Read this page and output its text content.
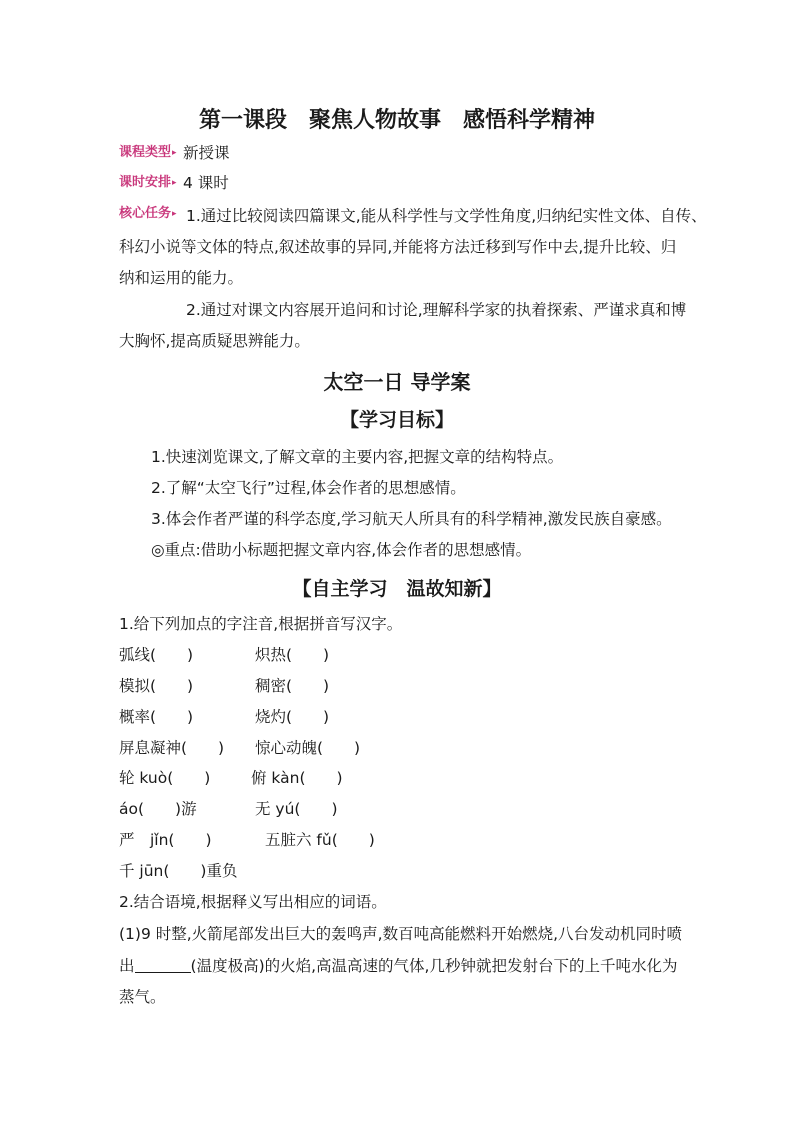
第一课段　聚焦人物故事　感悟科学精神
课程类型 ▸ 新授课
课时安排 ▸ 4 课时
核心任务 ▸ 1.通过比较阅读四篇课文,能从科学性与文学性角度,归纳纪实性文体、自传、
科幻小说等文体的特点,叙述故事的异同,并能将方法迁移到写作中去,提升比较、归
纳和运用的能力。
2.通过对课文内容展开追问和讨论,理解科学家的执着探索、严谨求真和博
大胸怀,提高质疑思辨能力。
太空一日 导学案
【学习目标】
1.快速浏览课文,了解文章的主要内容,把握文章的结构特点。
2.了解“太空飞行”过程,体会作者的思想感情。
3.体会作者严谨的科学态度,学习航天人所具有的科学精神,激发民族自豪感。
◎重点:借助小标题把握文章内容,体会作者的思想感情。
【自主学习　温故知新】
1.给下列加点的字注音,根据拼音写汉字。
弧线(　　)	炽热(　　)
模拟(　　)	稠密(　　)
概率(　　)	烧灼(　　)
屏息凝神(　　) 惊心动魄(　　)
轮 kuò(　　)	俯 kàn(　　)
áo(　　)游	无 yú(　　)
严　jǐn(　　)	五脏六 fǔ(　　)
千 jūn(　　)重负
2.结合语境,根据释义写出相应的词语。
(1)9 时整,火箭尾部发出巨大的轰鸣声,数百吨高能燃料开始燃烧,八台发动机同时喷
出	(温度极高)的火焰,高温高速的气体,几秒钟就把发射台下的上千吨水化为
蒸气。
